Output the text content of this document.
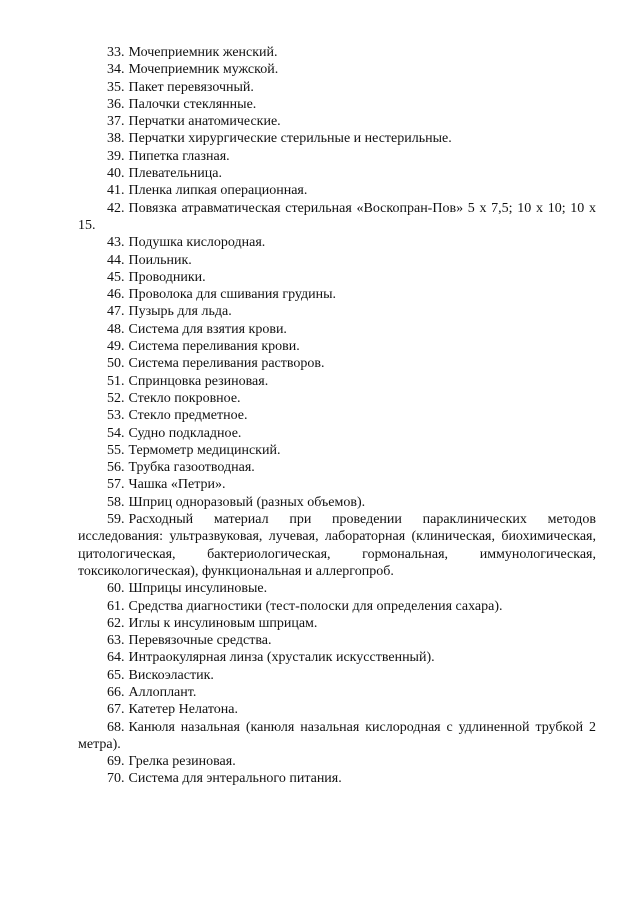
33. Мочеприемник женский.

34. Мочеприемник мужской.

35. Пакет перевязочный.

36. Палочки стеклянные.

37. Перчатки анатомические.

38. Перчатки хирургические стерильные и нестерильные.

39. Пипетка глазная.

40. Плевательница.

41. Пленка липкая операционная.

42. Повязка атравматическая стерильная «Воскопран-Пов» 5 х 7,5; 10 х 10; 10 х 15.

43. Подушка кислородная.

44. Поильник.

45. Проводники.

46. Проволока для сшивания грудины.

47. Пузырь для льда.

48. Система для взятия крови.

49. Система переливания крови.

50. Система переливания растворов.

51. Спринцовка резиновая.

52. Стекло покровное.

53. Стекло предметное.

54. Судно подкладное.

55. Термометр медицинский.

56. Трубка газоотводная.

57. Чашка «Петри».

58. Шприц одноразовый (разных объемов).

59. Расходный материал при проведении параклинических методов исследования: ультразвуковая, лучевая, лабораторная (клиническая, биохимическая, цитологическая, бактериологическая, гормональная, иммунологическая, токсикологическая), функциональная и аллергопроб.

60. Шприцы инсулиновые.

61. Средства диагностики (тест-полоски для определения сахара).

62. Иглы к инсулиновым шприцам.

63. Перевязочные средства.

64. Интраокулярная линза (хрусталик искусственный).

65. Вискоэластик.

66. Аллоплант.

67. Катетер Нелатона.

68. Канюля назальная (канюля назальная кислородная с удлиненной трубкой 2 метра).

69. Грелка резиновая.

70. Система для энтерального питания.
